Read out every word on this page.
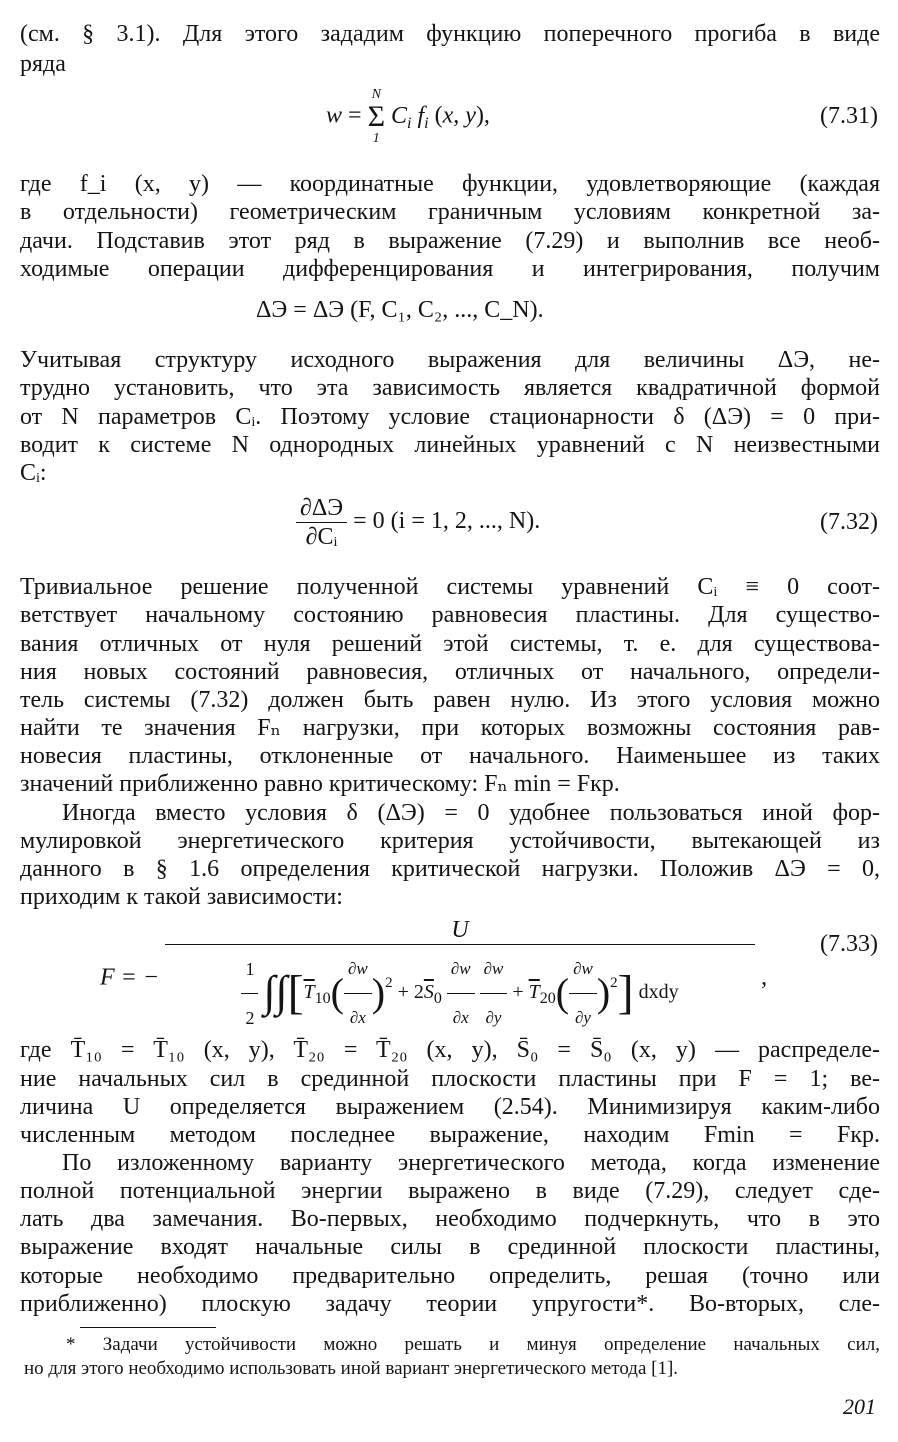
(см. § 3.1). Для этого зададим функцию поперечного прогиба в виде
ряда
w =
N
Σ
1
$C_i$ $f_i$ (x, y),	(7.31)
где f_i (x, y) — координатные функции, удовлетворяющие (каждая
в отдельности) геометрическим граничным условиям конкретной за-
дачи. Подставив этот ряд в выражение (7.29) и выполнив все необ-
ходимые операции дифференцирования и интегрирования, получим
ΔЭ = ΔЭ (F, C₁, C₂, ..., C_N).
Учитывая структуру исходного выражения для величины ΔЭ, не-
трудно установить, что эта зависимость является квадратичной формой
от N параметров Cᵢ. Поэтому условие стационарности δ (ΔЭ) = 0 при-
водит к системе N однородных линейных уравнений с N неизвестными
Cᵢ:
$\frac{\partial\Delta Э}{\text{∂Cᵢ}} = 0$ (i = 1, 2, ..., N).	(7.32)
Тривиальное решение полученной системы уравнений Cᵢ ≡ 0 соот-
ветствует начальному состоянию равновесия пластины. Для существо-
вания отличных от нуля решений этой системы, т. е. для существова-
ния новых состояний равновесия, отличных от начального, определи-
тель системы (7.32) должен быть равен нулю. Из этого условия можно
найти те значения Fₙ нагрузки, при которых возможны состояния рав-
новесия пластины, отклоненные от начального. Наименьшее из таких
значений приближенно равно критическому: Fₙ min = Fкр.
Иногда вместо условия δ (ΔЭ) = 0 удобнее пользоваться иной фор-
мулировкой энергетического критерия устойчивости, вытекающей из
данного в § 1.6 определения критической нагрузки. Положив ΔЭ = 0,
приходим к такой зависимости:
F = −
U
$\frac{1}{2} \int\int[\overline{T}_{10}( \frac{\partial w}{\partial x} )^2 + 2\overline{S}_0 \frac{\partial w}{\partial x}$
$\frac{\partial w}{\partial y} + \overline{T}_{20}( \frac{\partial w}{\partial y} )^2$] dxdy
,
(7.33)
где T̄₁₀ = T̄₁₀ (x, y), T̄₂₀ = T̄₂₀ (x, y), S̄₀ = S̄₀ (x, y) — распределе-
ние начальных сил в срединной плоскости пластины при F = 1; ве-
личина U определяется выражением (2.54). Минимизируя каким-либо
численным методом последнее выражение, находим Fmin = Fкр.
По изложенному варианту энергетического метода, когда изменение
полной потенциальной энергии выражено в виде (7.29), следует сде-
лать два замечания. Во-первых, необходимо подчеркнуть, что в это
выражение входят начальные силы в срединной плоскости пластины,
которые необходимо предварительно определить, решая (точно или
приближенно) плоскую задачу теории упругости*. Во-вторых, сле-
* Задачи устойчивости можно решать и минуя определение начальных сил,
но для этого необходимо использовать иной вариант энергетического метода [1].
201
